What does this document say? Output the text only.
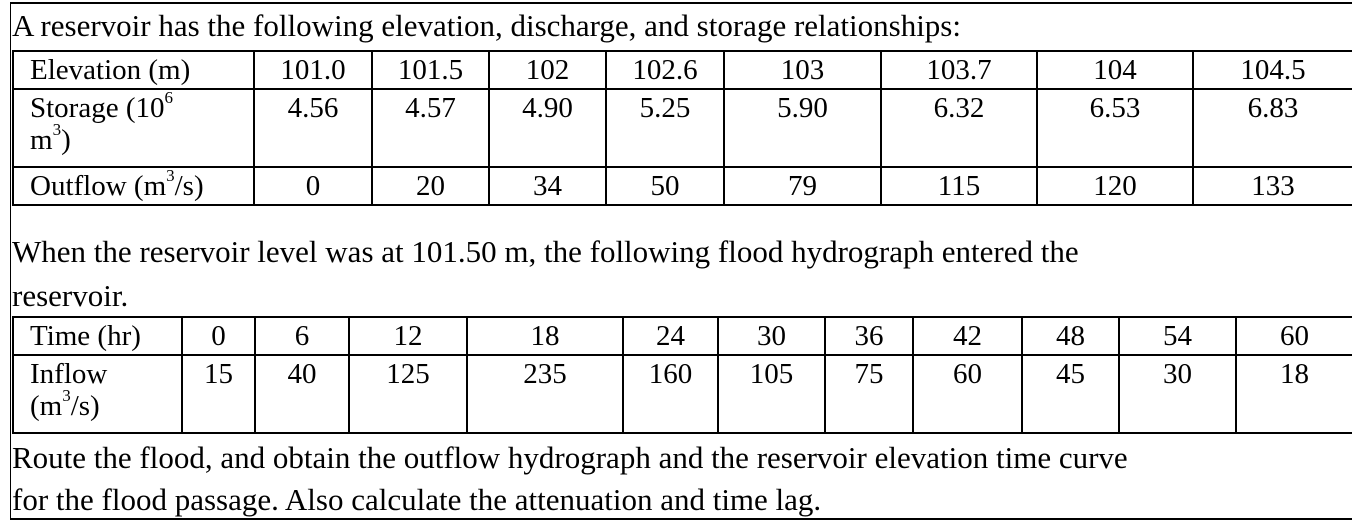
A reservoir has the following elevation, discharge, and storage relationships:
Elevation (m)	101.0	101.5	102	102.6	103	103.7	104	104.5
Storage ($10^6$
$m^3$)	4.56	4.57	4.90	5.25	5.90	6.32	6.53	6.83
Outflow $(m^3/s)$	0	20	34	50	79	115	120	133
When the reservoir level was at 101.50 m, the following flood hydrograph entered the
reservoir.
Time (hr)	0	6	12	18	24	30	36	42	48	54	60
Inflow
$(m^3/s)$	15	40	125	235	160	105	75	60	45	30	18
Route the flood, and obtain the outflow hydrograph and the reservoir elevation time curve
for the flood passage. Also calculate the attenuation and time lag.
